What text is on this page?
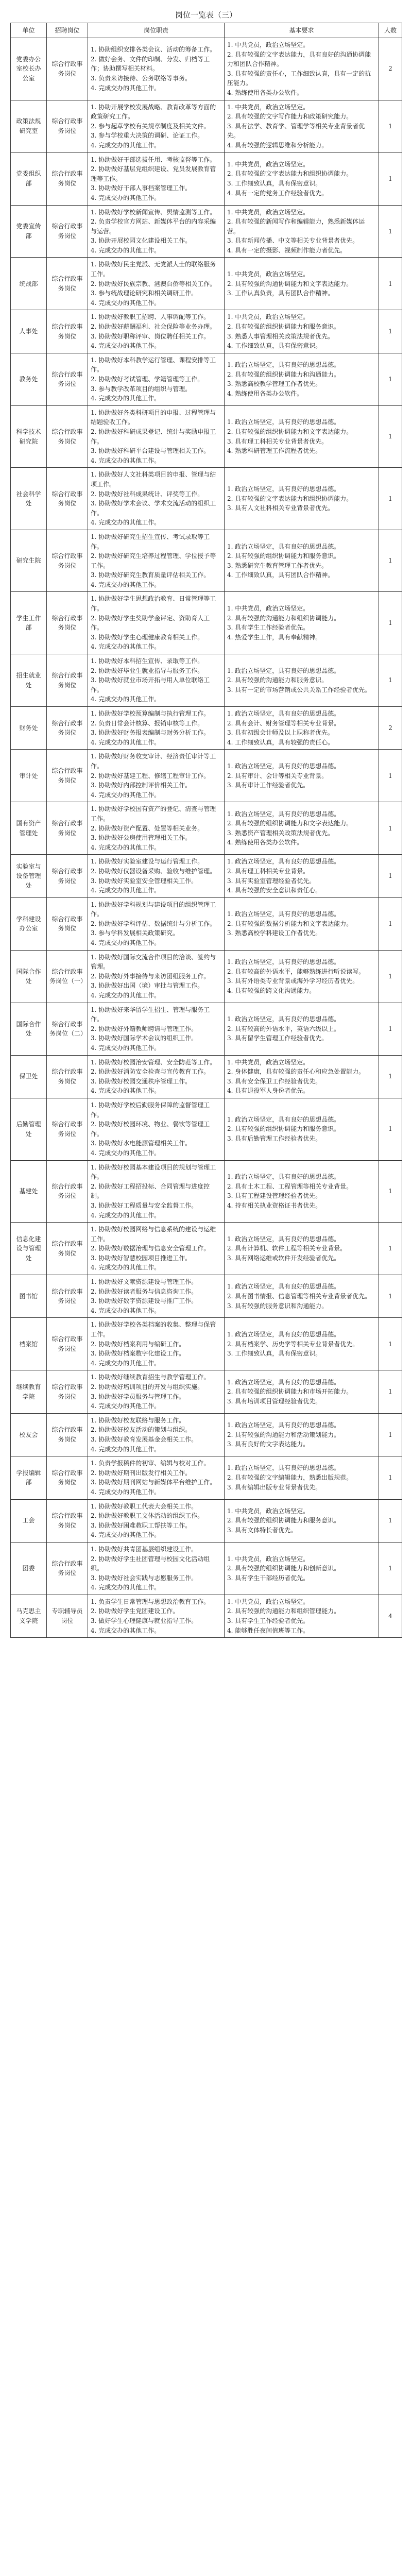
岗位一览表（三）
单位	招聘岗位	岗位职责	基本要求	人数
党委办公室校长办公室	综合行政事务岗位	1. 协助组织安排各类会议、活动的筹备工作。
2. 做好会务、文件的印制、分发、归档等工作；协助撰写相关材料。
3. 负责来访接待、公务联络等事务。
4. 完成交办的其他工作。	1. 中共党员，政治立场坚定。
2. 具有较强的文字表达能力，具有良好的沟通协调能力和团队合作精神。
3. 具有较强的责任心，工作细致认真，具有一定的抗压能力。
4. 熟练使用各类办公软件。	2
政策法规研究室	综合行政事务岗位	1. 协助开展学校发展战略、教育改革等方面的政策研究工作。
2. 参与起草学校有关规章制度及相关文件。
3. 参与学校重大决策的调研、论证工作。
4. 完成交办的其他工作。	1. 中共党员，政治立场坚定。
2. 具有较强的文字写作能力和政策研究能力。
3. 具有法学、教育学、管理学等相关专业背景者优先。
4. 具有较强的逻辑思维和分析能力。	1
党委组织部	综合行政事务岗位	1. 协助做好干部选拔任用、考核监督等工作。
2. 协助做好基层党组织建设、党员发展教育管理等工作。
3. 协助做好干部人事档案管理工作。
4. 完成交办的其他工作。	1. 中共党员，政治立场坚定。
2. 具有较强的文字表达能力和组织协调能力。
3. 工作细致认真，具有保密意识。
4. 具有一定的党务工作经验者优先。	1
党委宣传部	综合行政事务岗位	1. 协助做好学校新闻宣传、舆情监测等工作。
2. 负责学校官方网站、新媒体平台的内容采编与运营。
3. 协助开展校园文化建设相关工作。
4. 完成交办的其他工作。	1. 中共党员，政治立场坚定。
2. 具有较强的新闻写作和编辑能力，熟悉新媒体运营。
3. 具有新闻传播、中文等相关专业背景者优先。
4. 具有一定的摄影、视频制作能力者优先。	1
统战部	综合行政事务岗位	1. 协助做好民主党派、无党派人士的联络服务工作。
2. 协助做好民族宗教、港澳台侨等相关工作。
3. 参与统战理论研究和相关调研工作。
4. 完成交办的其他工作。	1. 中共党员，政治立场坚定。
2. 具有较强的沟通协调能力和文字表达能力。
3. 工作认真负责，具有团队合作精神。	1
人事处	综合行政事务岗位	1. 协助做好教职工招聘、人事调配等工作。
2. 协助做好薪酬福利、社会保险等业务办理。
3. 协助做好职称评审、岗位聘任相关工作。
4. 完成交办的其他工作。	1. 中共党员，政治立场坚定。
2. 具有较强的组织协调能力和服务意识。
3. 熟悉人事管理相关政策法规者优先。
4. 工作细致认真，具有保密意识。	1
教务处	综合行政事务岗位	1. 协助做好本科教学运行管理、课程安排等工作。
2. 协助做好考试管理、学籍管理等工作。
3. 参与教学改革项目的组织与管理。
4. 完成交办的其他工作。	1. 政治立场坚定，具有良好的思想品德。
2. 具有较强的组织协调能力和沟通能力。
3. 熟悉高校教学管理工作者优先。
4. 熟练使用各类办公软件。	1
科学技术研究院	综合行政事务岗位	1. 协助做好各类科研项目的申报、过程管理与结题验收工作。
2. 协助做好科研成果登记、统计与奖励申报工作。
3. 协助做好科研平台建设与管理相关工作。
4. 完成交办的其他工作。	1. 政治立场坚定，具有良好的思想品德。
2. 具有较强的组织协调能力和文字表达能力。
3. 具有理工科相关专业背景者优先。
4. 熟悉科研管理工作流程者优先。	1
社会科学处	综合行政事务岗位	1. 协助做好人文社科类项目的申报、管理与结项工作。
2. 协助做好社科成果统计、评奖等工作。
3. 协助做好学术会议、学术交流活动的组织工作。
4. 完成交办的其他工作。	1. 政治立场坚定，具有良好的思想品德。
2. 具有较强的文字表达能力和组织协调能力。
3. 具有人文社科相关专业背景者优先。	1
研究生院	综合行政事务岗位	1. 协助做好研究生招生宣传、考试录取等工作。
2. 协助做好研究生培养过程管理、学位授予等工作。
3. 协助做好研究生教育质量评估相关工作。
4. 完成交办的其他工作。	1. 政治立场坚定，具有良好的思想品德。
2. 具有较强的组织协调能力和服务意识。
3. 熟悉研究生教育管理工作者优先。
4. 工作细致认真，具有团队合作精神。	1
学生工作部	综合行政事务岗位	1. 协助做好学生思想政治教育、日常管理等工作。
2. 协助做好学生奖助学金评定、资助育人工作。
3. 协助做好学生心理健康教育相关工作。
4. 完成交办的其他工作。	1. 中共党员，政治立场坚定。
2. 具有较强的沟通能力和组织协调能力。
3. 具有学生工作经验者优先。
4. 热爱学生工作，具有奉献精神。	1
招生就业处	综合行政事务岗位	1. 协助做好本科招生宣传、录取等工作。
2. 协助做好毕业生就业指导与服务工作。
3. 协助做好就业市场开拓与用人单位联络工作。
4. 完成交办的其他工作。	1. 政治立场坚定，具有良好的思想品德。
2. 具有较强的沟通能力和服务意识。
3. 具有一定的市场营销或公共关系工作经验者优先。	1
财务处	综合行政事务岗位	1. 协助做好学校预算编制与执行管理工作。
2. 负责日常会计核算、报销审核等工作。
3. 协助做好财务报表编制与财务分析工作。
4. 完成交办的其他工作。	1. 政治立场坚定，具有良好的思想品德。
2. 具有会计、财务管理等相关专业背景。
3. 具有初级会计师及以上职称者优先。
4. 工作细致认真，具有较强的责任心。	2
审计处	综合行政事务岗位	1. 协助做好财务收支审计、经济责任审计等工作。
2. 协助做好基建工程、修缮工程审计工作。
3. 协助做好内部控制评价相关工作。
4. 完成交办的其他工作。	1. 政治立场坚定，具有良好的思想品德。
2. 具有审计、会计等相关专业背景。
3. 具有审计工作经验者优先。	1
国有资产管理处	综合行政事务岗位	1. 协助做好学校国有资产的登记、清查与管理工作。
2. 协助做好资产配置、处置等相关业务。
3. 协助做好公房使用管理相关工作。
4. 完成交办的其他工作。	1. 政治立场坚定，具有良好的思想品德。
2. 具有较强的组织协调能力和文字表达能力。
3. 熟悉资产管理相关政策法规者优先。
4. 熟练使用各类办公软件。	1
实验室与设备管理处	综合行政事务岗位	1. 协助做好实验室建设与运行管理工作。
2. 协助做好仪器设备采购、验收与维护管理。
3. 协助做好实验室安全管理相关工作。
4. 完成交办的其他工作。	1. 政治立场坚定，具有良好的思想品德。
2. 具有理工科相关专业背景。
3. 具有实验室管理经验者优先。
4. 具有较强的安全意识和责任心。	1
学科建设办公室	综合行政事务岗位	1. 协助做好学科规划与建设项目的组织管理工作。
2. 协助做好学科评估、数据统计与分析工作。
3. 参与学科发展相关政策研究。
4. 完成交办的其他工作。	1. 政治立场坚定，具有良好的思想品德。
2. 具有较强的数据分析能力和文字表达能力。
3. 熟悉高校学科建设工作者优先。	1
国际合作处	综合行政事务岗位（一）	1. 协助做好国际交流合作项目的洽谈、签约与管理。
2. 协助做好外事接待与来访团组服务工作。
3. 协助做好出国（境）审批与管理工作。
4. 完成交办的其他工作。	1. 政治立场坚定，具有良好的思想品德。
2. 具有较高的外语水平，能够熟练进行听说读写。
3. 具有外语类专业背景或海外学习经历者优先。
4. 具有较强的跨文化沟通能力。	1
国际合作处	综合行政事务岗位（二）	1. 协助做好来华留学生招生、管理与服务工作。
2. 协助做好外籍教师聘请与管理工作。
3. 协助做好国际学术会议的组织工作。
4. 完成交办的其他工作。	1. 政治立场坚定，具有良好的思想品德。
2. 具有较高的外语水平，英语六级以上。
3. 具有留学生管理工作经验者优先。	1
保卫处	综合行政事务岗位	1. 协助做好校园治安管理、安全防范等工作。
2. 协助做好消防安全检查与宣传教育工作。
3. 协助做好校园交通秩序管理工作。
4. 完成交办的其他工作。	1. 中共党员，政治立场坚定。
2. 身体健康，具有较强的责任心和应急处置能力。
3. 具有安全保卫工作经验者优先。
4. 具有退役军人身份者优先。	1
后勤管理处	综合行政事务岗位	1. 协助做好学校后勤服务保障的监督管理工作。
2. 协助做好校园环境、物业、餐饮等管理工作。
3. 协助做好水电能源管理相关工作。
4. 完成交办的其他工作。	1. 政治立场坚定，具有良好的思想品德。
2. 具有较强的组织协调能力和服务意识。
3. 具有后勤管理工作经验者优先。	1
基建处	综合行政事务岗位	1. 协助做好校园基本建设项目的规划与管理工作。
2. 协助做好工程招投标、合同管理与进度控制。
3. 协助做好工程质量与安全监督工作。
4. 完成交办的其他工作。	1. 政治立场坚定，具有良好的思想品德。
2. 具有土木工程、工程管理等相关专业背景。
3. 具有工程建设管理经验者优先。
4. 持有相关执业资格证书者优先。	1
信息化建设与管理处	综合行政事务岗位	1. 协助做好校园网络与信息系统的建设与运维工作。
2. 协助做好数据治理与信息安全管理工作。
3. 协助做好智慧校园项目推进工作。
4. 完成交办的其他工作。	1. 政治立场坚定，具有良好的思想品德。
2. 具有计算机、软件工程等相关专业背景。
3. 具有网络运维或软件开发经验者优先。	1
图书馆	综合行政事务岗位	1. 协助做好文献资源建设与管理工作。
2. 协助做好读者服务与信息咨询工作。
3. 协助做好数字资源建设与推广工作。
4. 完成交办的其他工作。	1. 政治立场坚定，具有良好的思想品德。
2. 具有图书情报、信息管理等相关专业背景者优先。
3. 具有较强的服务意识和沟通能力。	1
档案馆	综合行政事务岗位	1. 协助做好学校各类档案的收集、整理与保管工作。
2. 协助做好档案利用与编研工作。
3. 协助做好档案数字化建设工作。
4. 完成交办的其他工作。	1. 政治立场坚定，具有良好的思想品德。
2. 具有档案学、历史学等相关专业背景者优先。
3. 工作细致认真，具有保密意识。	1
继续教育学院	综合行政事务岗位	1. 协助做好继续教育招生与教学管理工作。
2. 协助做好培训项目的开发与组织实施。
3. 协助做好学员服务与管理工作。
4. 完成交办的其他工作。	1. 政治立场坚定，具有良好的思想品德。
2. 具有较强的组织协调能力和市场开拓能力。
3. 具有培训项目管理经验者优先。	1
校友会	综合行政事务岗位	1. 协助做好校友联络与服务工作。
2. 协助做好校友活动的策划与组织。
3. 协助做好教育发展基金会相关工作。
4. 完成交办的其他工作。	1. 政治立场坚定，具有良好的思想品德。
2. 具有较强的沟通能力和活动策划能力。
3. 具有良好的文字表达能力。	1
学报编辑部	综合行政事务岗位	1. 负责学报稿件的初审、编辑与校对工作。
2. 协助做好期刊出版发行相关工作。
3. 协助做好期刊网站与新媒体平台维护工作。
4. 完成交办的其他工作。	1. 政治立场坚定，具有良好的思想品德。
2. 具有较强的文字编辑能力，熟悉出版规范。
3. 具有编辑出版专业背景者优先。	1
工会	综合行政事务岗位	1. 协助做好教职工代表大会相关工作。
2. 协助做好教职工文体活动的组织工作。
3. 协助做好困难教职工帮扶等工作。
4. 完成交办的其他工作。	1. 中共党员，政治立场坚定。
2. 具有较强的组织协调能力和服务意识。
3. 具有文体特长者优先。	1
团委	综合行政事务岗位	1. 协助做好共青团基层组织建设工作。
2. 协助做好学生社团管理与校园文化活动组织。
3. 协助做好社会实践与志愿服务工作。
4. 完成交办的其他工作。	1. 中共党员，政治立场坚定。
2. 具有较强的组织协调能力和创新意识。
3. 具有学生干部经历者优先。	1
马克思主义学院	专职辅导员岗位	1. 负责学生日常管理与思想政治教育工作。
2. 协助做好学生党团建设工作。
3. 做好学生心理健康与就业指导工作。
4. 完成交办的其他工作。	1. 中共党员，政治立场坚定。
2. 具有较强的沟通能力和组织管理能力。
3. 具有学生工作经验者优先。
4. 能够胜任夜间值班等工作。	4
